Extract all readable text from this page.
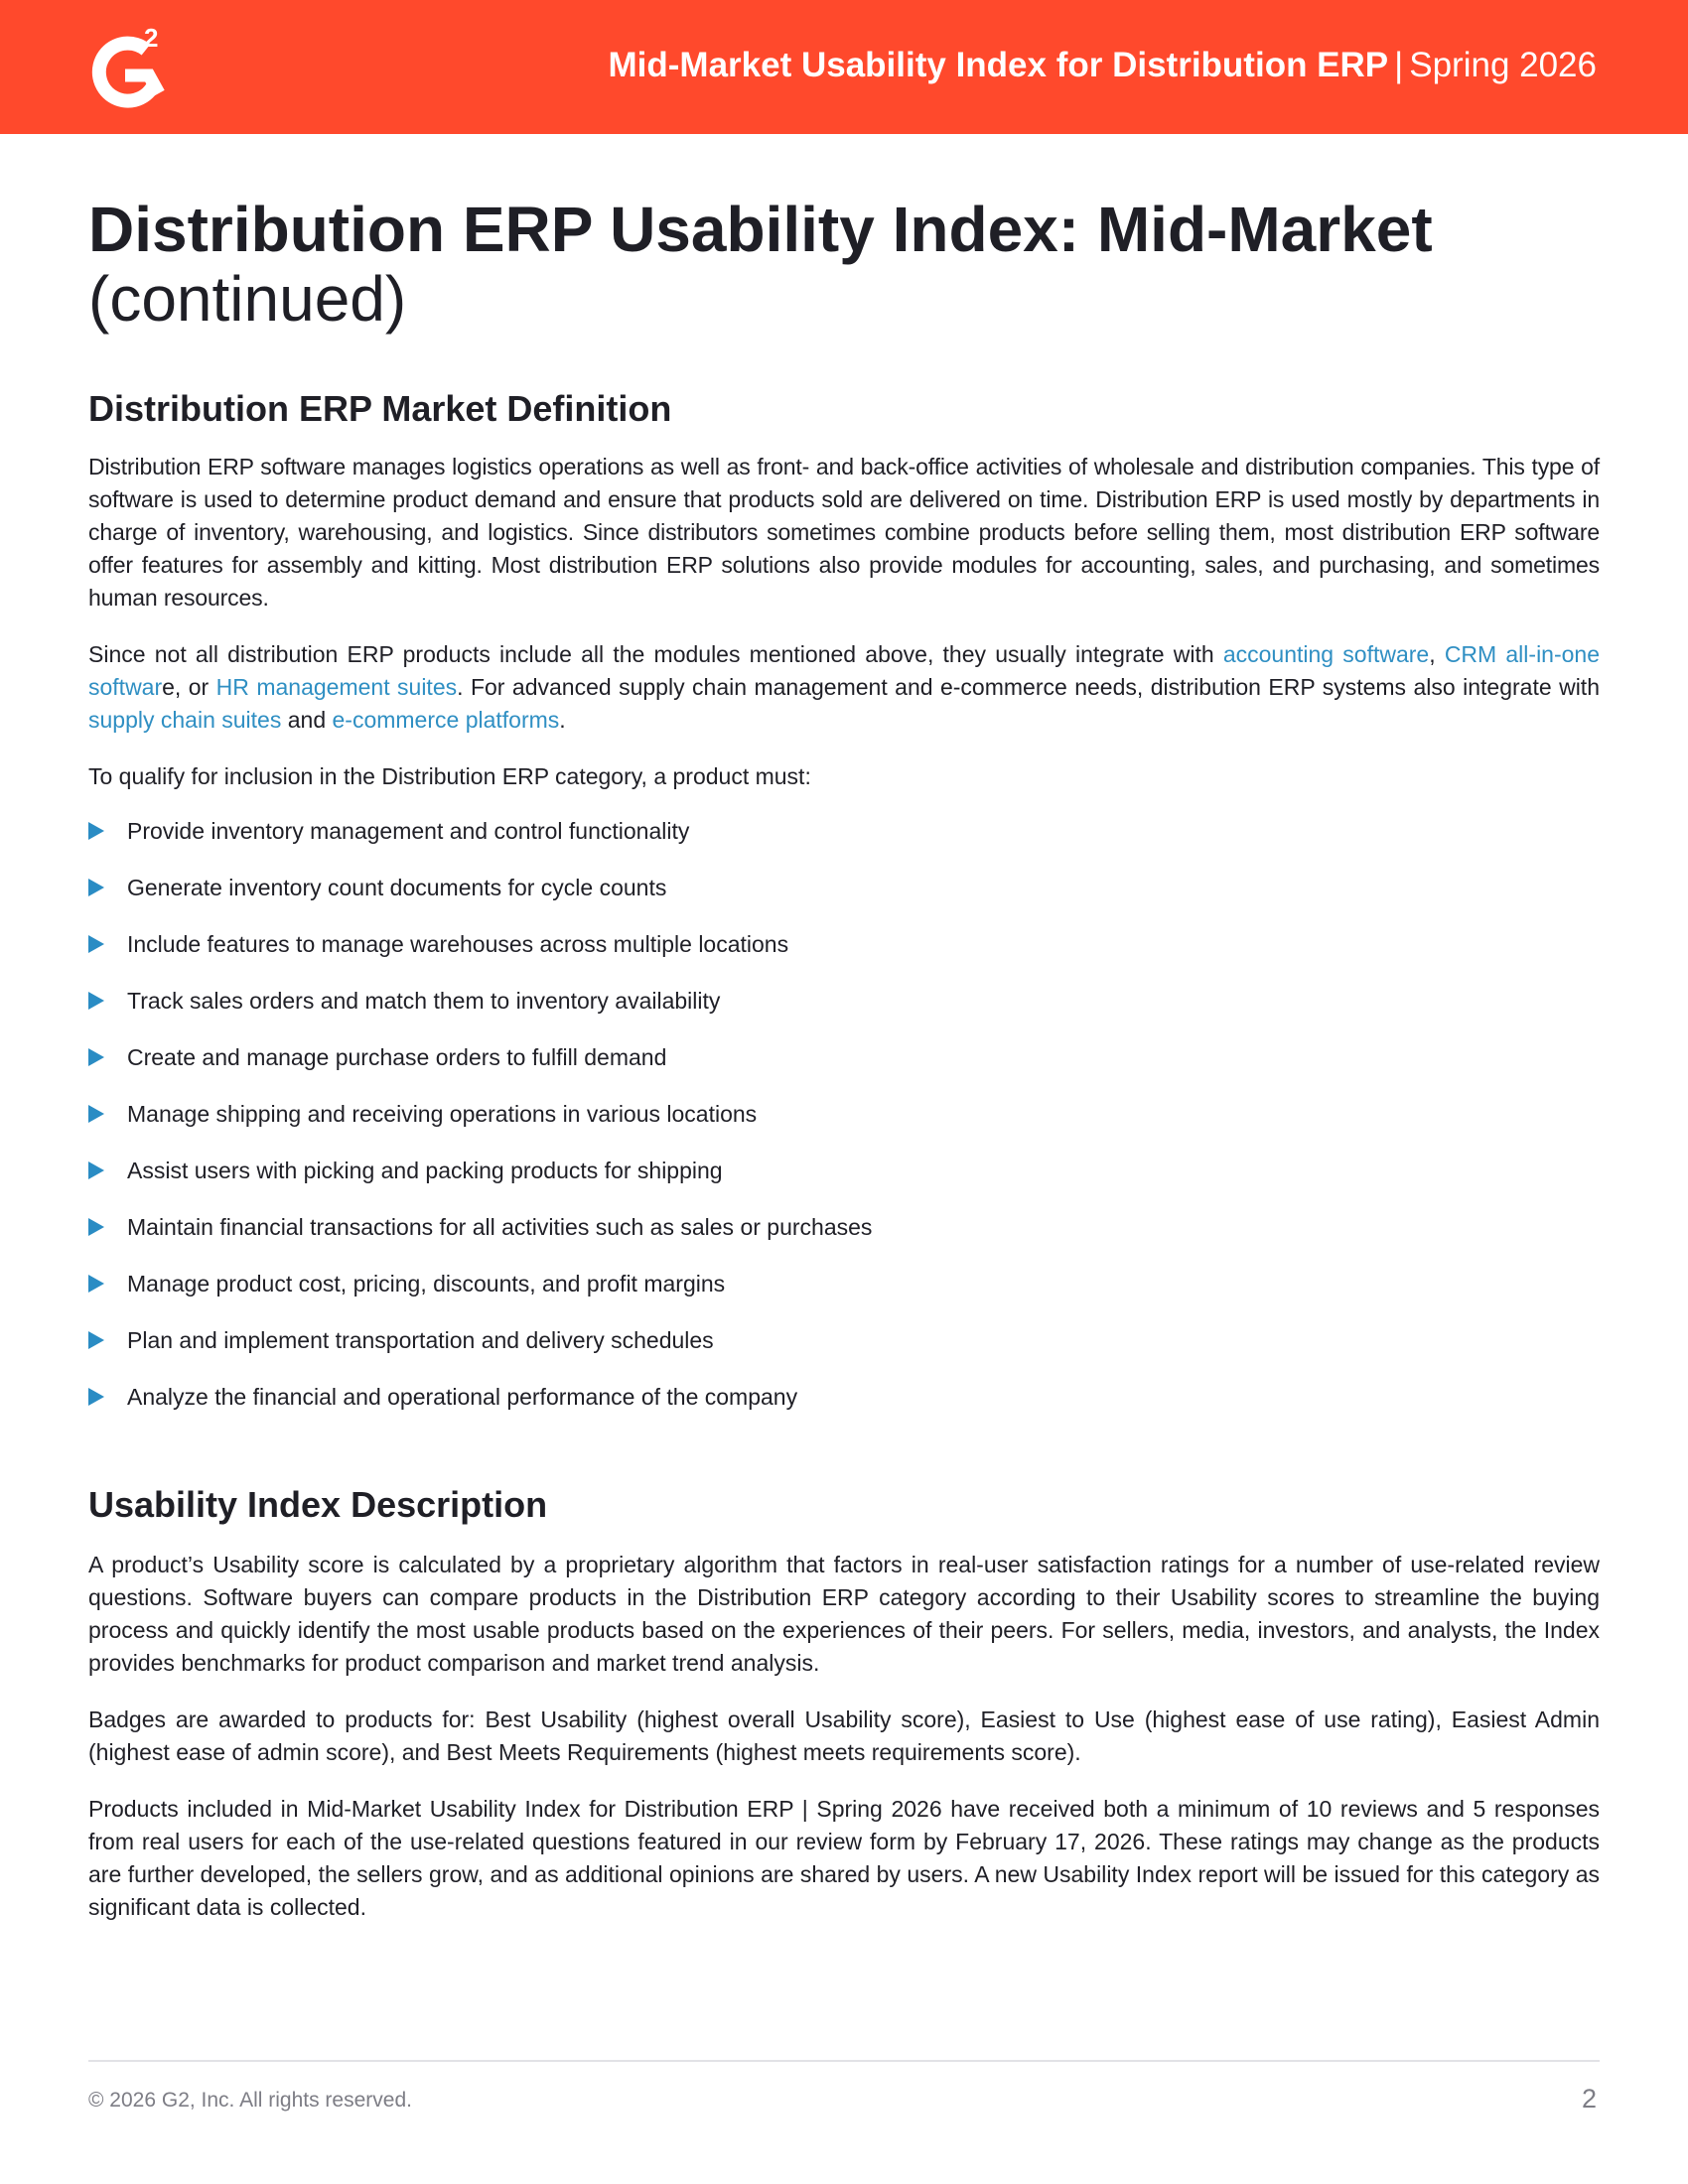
2
Mid-Market Usability Index for Distribution ERP | Spring 2026
Distribution ERP Usability Index: Mid-Market
(continued)
Distribution ERP Market Definition

Distribution ERP software manages logistics operations as well as front- and back-office activities of wholesale and distribution companies. This type of software is used to determine product demand and ensure that products sold are delivered on time. Distribution ERP is used mostly by departments in charge of inventory, warehousing, and logistics. Since distributors sometimes combine products before selling them, most distribution ERP software offer features for assembly and kitting. Most distribution ERP solutions also provide modules for accounting, sales, and purchasing, and sometimes human resources.

Since not all distribution ERP products include all the modules mentioned above, they usually integrate with accounting software, CRM all-in-one software, or HR management suites. For advanced supply chain management and e-commerce needs, distribution ERP systems also integrate with supply chain suites and e-commerce platforms.

To qualify for inclusion in the Distribution ERP category, a product must:

Provide inventory management and control functionality
Generate inventory count documents for cycle counts
Include features to manage warehouses across multiple locations
Track sales orders and match them to inventory availability
Create and manage purchase orders to fulfill demand
Manage shipping and receiving operations in various locations
Assist users with picking and packing products for shipping
Maintain financial transactions for all activities such as sales or purchases
Manage product cost, pricing, discounts, and profit margins
Plan and implement transportation and delivery schedules
Analyze the financial and operational performance of the company
Usability Index Description

A product’s Usability score is calculated by a proprietary algorithm that factors in real-user satisfaction ratings for a number of use-related review questions. Software buyers can compare products in the Distribution ERP category according to their Usability scores to streamline the buying process and quickly identify the most usable products based on the experiences of their peers. For sellers, media, investors, and analysts, the Index provides benchmarks for product comparison and market trend analysis.

Badges are awarded to products for: Best Usability (highest overall Usability score), Easiest to Use (highest ease of use rating), Easiest Admin (highest ease of admin score), and Best Meets Requirements (highest meets requirements score).

Products included in Mid-Market Usability Index for Distribution ERP | Spring 2026 have received both a minimum of 10 reviews and 5 responses from real users for each of the use-related questions featured in our review form by February 17, 2026. These ratings may change as the products are further developed, the sellers grow, and as additional opinions are shared by users. A new Usability Index report will be issued for this category as significant data is collected.

© 2026 G2, Inc. All rights reserved.	2
